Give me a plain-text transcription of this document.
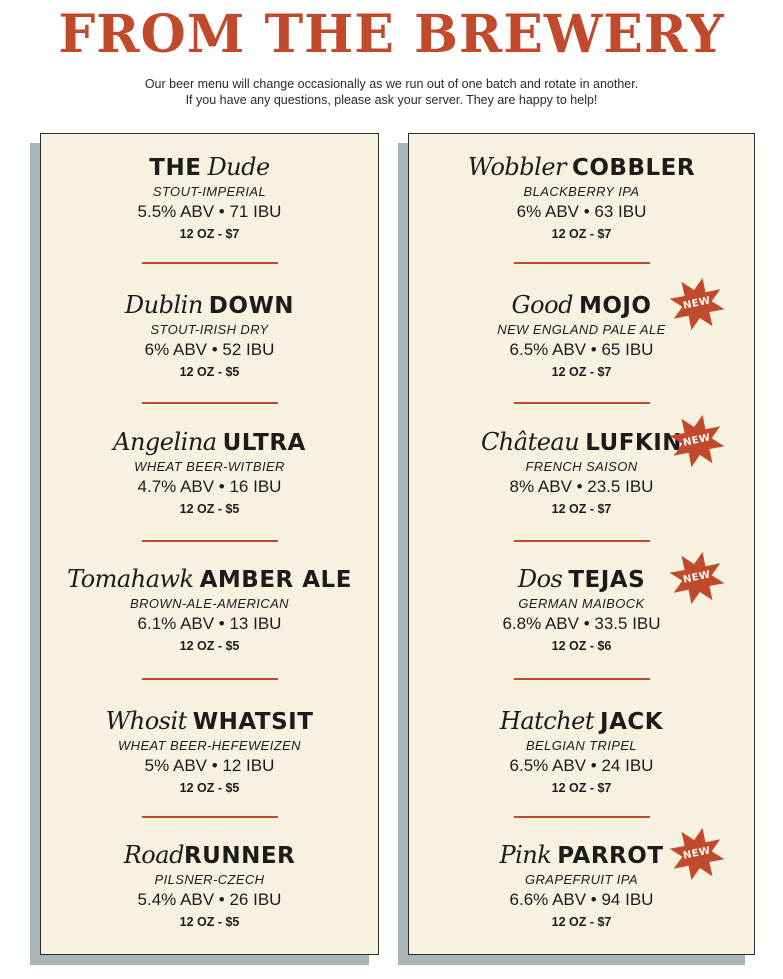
FROM THE BREWERY
Our beer menu will change occasionally as we run out of one batch and rotate in another.
If you have any questions, please ask your server. They are happy to help!
THE Dude
STOUT-IMPERIAL
5.5% ABV • 71 IBU
12 OZ - $7
Dublin DOWN
STOUT-IRISH DRY
6% ABV • 52 IBU
12 OZ - $5
Angelina ULTRA
WHEAT BEER-WITBIER
4.7% ABV • 16 IBU
12 OZ - $5
Tomahawk AMBER ALE
BROWN-ALE-AMERICAN
6.1% ABV • 13 IBU
12 OZ - $5
Whosit WHATSIT
WHEAT BEER-HEFEWEIZEN
5% ABV • 12 IBU
12 OZ - $5
RoadRUNNER
PILSNER-CZECH
5.4% ABV • 26 IBU
12 OZ - $5
Wobbler COBBLER
BLACKBERRY IPA
6% ABV • 63 IBU
12 OZ - $7
Good MOJO
NEW ENGLAND PALE ALE
6.5% ABV • 65 IBU
12 OZ - $7
NEW
Château LUFKIN
FRENCH SAISON
8% ABV • 23.5 IBU
12 OZ - $7
NEW
Dos TEJAS
GERMAN MAIBOCK
6.8% ABV • 33.5 IBU
12 OZ - $6
NEW
Hatchet JACK
BELGIAN TRIPEL
6.5% ABV • 24 IBU
12 OZ - $7
Pink PARROT
GRAPEFRUIT IPA
6.6% ABV • 94 IBU
12 OZ - $7
NEW
